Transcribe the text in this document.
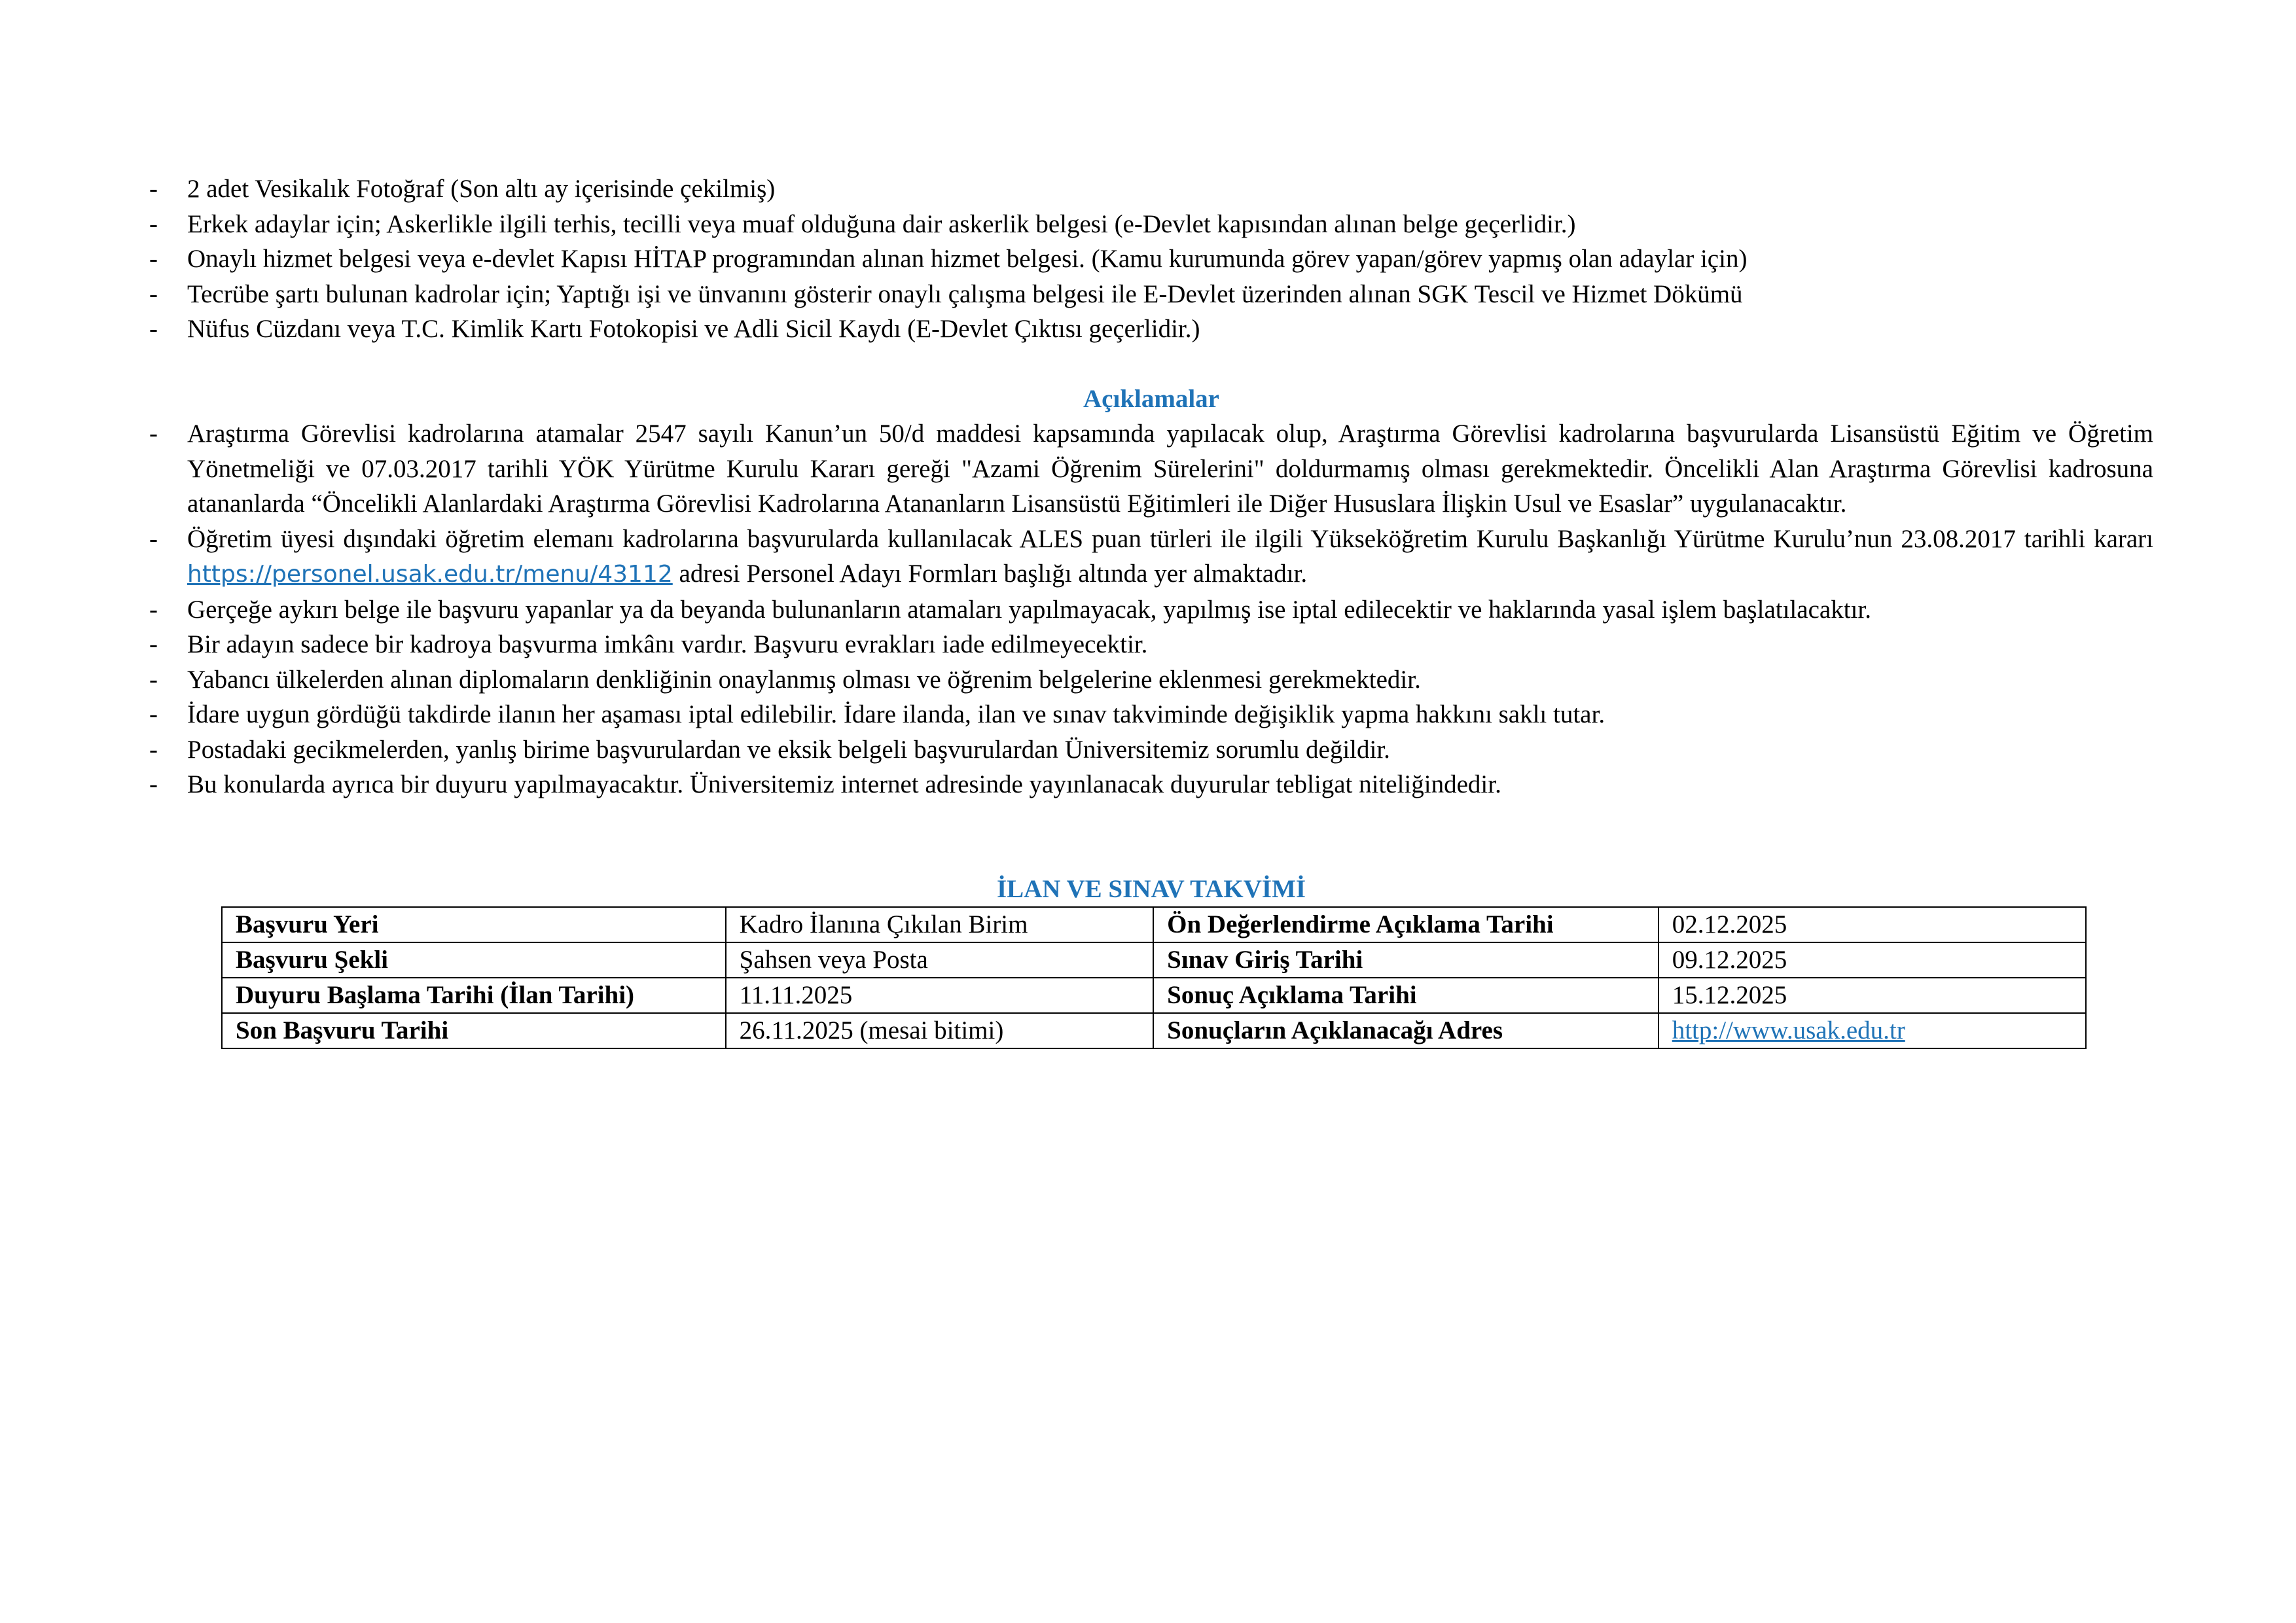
- 2 adet Vesikalık Fotoğraf (Son altı ay içerisinde çekilmiş)
- Erkek adaylar için; Askerlikle ilgili terhis, tecilli veya muaf olduğuna dair askerlik belgesi (e-Devlet kapısından alınan belge geçerlidir.)
- Onaylı hizmet belgesi veya e-devlet Kapısı HİTAP programından alınan hizmet belgesi. (Kamu kurumunda görev yapan/görev yapmış olan adaylar için)
- Tecrübe şartı bulunan kadrolar için; Yaptığı işi ve ünvanını gösterir onaylı çalışma belgesi ile E-Devlet üzerinden alınan SGK Tescil ve Hizmet Dökümü
- Nüfus Cüzdanı veya T.C. Kimlik Kartı Fotokopisi ve Adli Sicil Kaydı (E-Devlet Çıktısı geçerlidir.)
Açıklamalar
- Araştırma Görevlisi kadrolarına atamalar 2547 sayılı Kanun’un 50/d maddesi kapsamında yapılacak olup, Araştırma Görevlisi kadrolarına başvurularda Lisansüstü Eğitim ve Öğretim Yönetmeliği ve 07.03.2017 tarihli YÖK Yürütme Kurulu Kararı gereği "Azami Öğrenim Sürelerini" doldurmamış olması gerekmektedir. Öncelikli Alan Araştırma Görevlisi kadrosuna atananlarda “Öncelikli Alanlardaki Araştırma Görevlisi Kadrolarına Atananların Lisansüstü Eğitimleri ile Diğer Hususlara İlişkin Usul ve Esaslar” uygulanacaktır.
- Öğretim üyesi dışındaki öğretim elemanı kadrolarına başvurularda kullanılacak ALES puan türleri ile ilgili Yükseköğretim Kurulu Başkanlığı Yürütme Kurulu’nun 23.08.2017 tarihli kararı https://personel.usak.edu.tr/menu/43112 adresi Personel Adayı Formları başlığı altında yer almaktadır.
- Gerçeğe aykırı belge ile başvuru yapanlar ya da beyanda bulunanların atamaları yapılmayacak, yapılmış ise iptal edilecektir ve haklarında yasal işlem başlatılacaktır.
- Bir adayın sadece bir kadroya başvurma imkânı vardır. Başvuru evrakları iade edilmeyecektir.
- Yabancı ülkelerden alınan diplomaların denkliğinin onaylanmış olması ve öğrenim belgelerine eklenmesi gerekmektedir.
- İdare uygun gördüğü takdirde ilanın her aşaması iptal edilebilir. İdare ilanda, ilan ve sınav takviminde değişiklik yapma hakkını saklı tutar.
- Postadaki gecikmelerden, yanlış birime başvurulardan ve eksik belgeli başvurulardan Üniversitemiz sorumlu değildir.
- Bu konularda ayrıca bir duyuru yapılmayacaktır. Üniversitemiz internet adresinde yayınlanacak duyurular tebligat niteliğindedir.
İLAN VE SINAV TAKVİMİ
Başvuru Yeri	Kadro İlanına Çıkılan Birim	Ön Değerlendirme Açıklama Tarihi	02.12.2025
Başvuru Şekli	Şahsen veya Posta	Sınav Giriş Tarihi	09.12.2025
Duyuru Başlama Tarihi (İlan Tarihi)	11.11.2025	Sonuç Açıklama Tarihi	15.12.2025
Son Başvuru Tarihi	26.11.2025 (mesai bitimi)	Sonuçların Açıklanacağı Adres	http://www.usak.edu.tr
